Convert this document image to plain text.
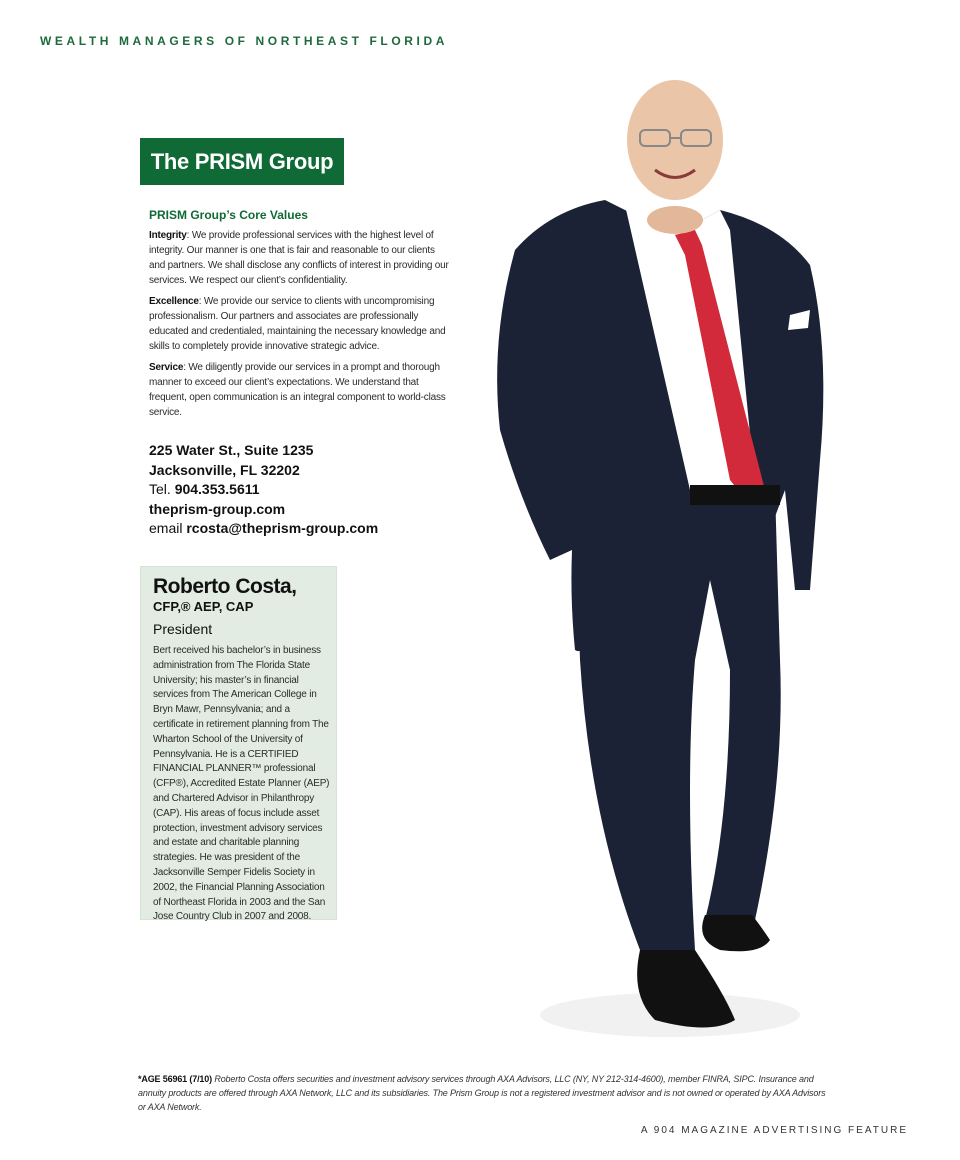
WEALTH MANAGERS OF NORTHEAST FLORIDA
The PRISM Group
PRISM Group’s Core Values

Integrity: We provide professional services with the highest level of integrity. Our manner is one that is fair and reasonable to our clients and partners. We shall disclose any conflicts of interest in providing our services. We respect our client’s confidentiality.

Excellence: We provide our service to clients with uncompromising professionalism. Our partners and associates are professionally educated and credentialed, maintaining the necessary knowledge and skills to completely provide innovative strategic advice.

Service: We diligently provide our services in a prompt and thorough manner to exceed our client’s expectations. We understand that frequent, open communication is an integral component to world-class service.

225 Water St., Suite 1235
Jacksonville, FL 32202
Tel. 904.353.5611
theprism-group.com
email rcosta@theprism-group.com
Roberto Costa,
CFP,® AEP, CAP
President
Bert received his bachelor’s in business administration from The Florida State University; his master’s in financial services from The American College in Bryn Mawr, Pennsylvania; and a certificate in retirement planning from The Wharton School of the University of Pennsylvania. He is a CERTIFIED FINANCIAL PLANNER™ professional (CFP®), Accredited Estate Planner (AEP) and Chartered Advisor in Philanthropy (CAP). His areas of focus include asset protection, investment advisory services and estate and charitable planning strategies. He was president of the Jacksonville Semper Fidelis Society in 2002, the Financial Planning Association of Northeast Florida in 2003 and the San Jose Country Club in 2007 and 2008.
*AGE 56961 (7/10) Roberto Costa offers securities and investment advisory services through AXA Advisors, LLC (NY, NY 212-314-4600), member FINRA, SIPC. Insurance and annuity products are offered through AXA Network, LLC and its subsidiaries. The Prism Group is not a registered investment advisor and is not owned or operated by AXA Advisors or AXA Network.
A 904 MAGAZINE ADVERTISING FEATURE
